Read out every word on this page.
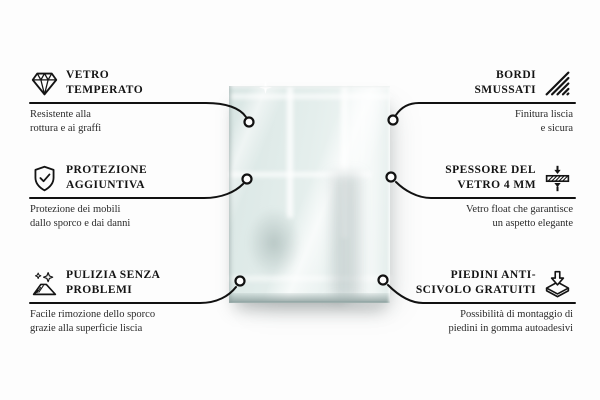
VETRO
TEMPERATO
Resistente alla
rottura e ai graffi
PROTEZIONE
AGGIUNTIVA
Protezione dei mobili
dallo sporco e dai danni
PULIZIA SENZA
PROBLEMI
Facile rimozione dello sporco
grazie alla superficie liscia
BORDI
SMUSSATI
Finitura liscia
e sicura
SPESSORE DEL
VETRO 4 MM
Vetro float che garantisce
un aspetto elegante
PIEDINI ANTI-
SCIVOLO GRATUITI
Possibilità di montaggio di
piedini in gomma autoadesivi
